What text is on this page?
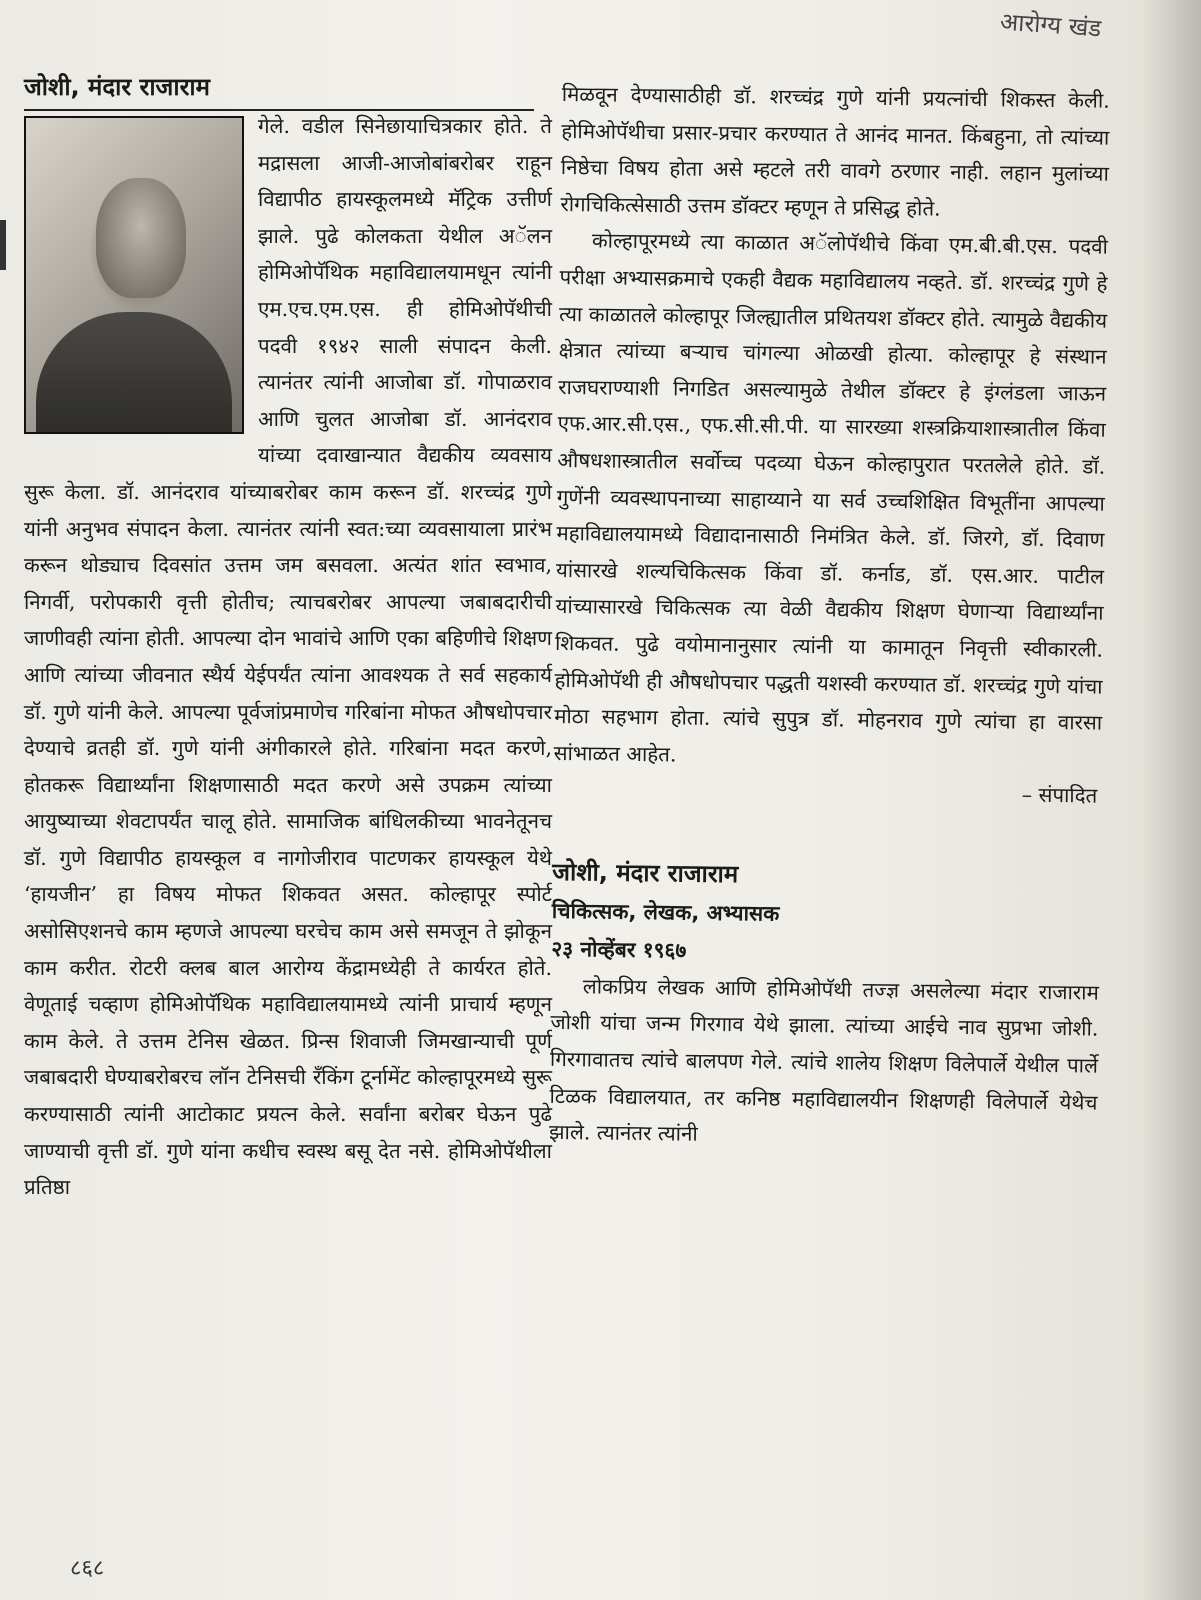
आरोग्य खंड
जोशी, मंदार राजाराम

गेले. वडील सिनेछायाचित्रकार होते. ते मद्रासला आजी-आजोबांबरोबर राहून विद्यापीठ हायस्कूलमध्ये मॅट्रिक उत्तीर्ण झाले. पुढे कोलकता येथील अॅलन होमिओपॅथिक महाविद्यालयामधून त्यांनी एम.एच.एम.एस. ही होमिओपॅथीची पदवी १९४२ साली संपादन केली. त्यानंतर त्यांनी आजोबा डॉ. गोपाळराव आणि चुलत आजोबा डॉ. आनंदराव यांच्या दवाखान्यात वैद्यकीय व्यवसाय सुरू केला. डॉ. आनंदराव यांच्याबरोबर काम करून डॉ. शरच्चंद्र गुणे यांनी अनुभव संपादन केला. त्यानंतर त्यांनी स्वत:च्या व्यवसायाला प्रारंभ करून थोड्याच दिवसांत उत्तम जम बसवला. अत्यंत शांत स्वभाव, निगर्वी, परोपकारी वृत्ती होतीच; त्याचबरोबर आपल्या जबाबदारीची जाणीवही त्यांना होती. आपल्या दोन भावांचे आणि एका बहिणीचे शिक्षण आणि त्यांच्या जीवनात स्थैर्य येईपर्यंत त्यांना आवश्यक ते सर्व सहकार्य डॉ. गुणे यांनी केले. आपल्या पूर्वजांप्रमाणेच गरिबांना मोफत औषधोपचार देण्याचे व्रतही डॉ. गुणे यांनी अंगीकारले होते. गरिबांना मदत करणे, होतकरू विद्यार्थ्यांना शिक्षणासाठी मदत करणे असे उपक्रम त्यांच्या आयुष्याच्या शेवटापर्यंत चालू होते. सामाजिक बांधिलकीच्या भावनेतूनच डॉ. गुणे विद्यापीठ हायस्कूल व नागोजीराव पाटणकर हायस्कूल येथे ‘हायजीन’ हा विषय मोफत शिकवत असत. कोल्हापूर स्पोर्ट असोसिएशनचे काम म्हणजे आपल्या घरचेच काम असे समजून ते झोकून काम करीत. रोटरी क्लब बाल आरोग्य केंद्रामध्येही ते कार्यरत होते. वेणूताई चव्हाण होमिओपॅथिक महाविद्यालयामध्ये त्यांनी प्राचार्य म्हणून काम केले. ते उत्तम टेनिस खेळत. प्रिन्स शिवाजी जिमखान्याची पूर्ण जबाबदारी घेण्याबरोबरच लॉन टेनिसची रँकिंग टूर्नामेंट कोल्हापूरमध्ये सुरू करण्यासाठी त्यांनी आटोकाट प्रयत्न केले. सर्वांना बरोबर घेऊन पुढे जाण्याची वृत्ती डॉ. गुणे यांना कधीच स्वस्थ बसू देत नसे. होमिओपॅथीला प्रतिष्ठा

मिळवून देण्यासाठीही डॉ. शरच्चंद्र गुणे यांनी प्रयत्नांची शिकस्त केली. होमिओपॅथीचा प्रसार-प्रचार करण्यात ते आनंद मानत. किंबहुना, तो त्यांच्या निष्ठेचा विषय होता असे म्हटले तरी वावगे ठरणार नाही. लहान मुलांच्या रोगचिकित्सेसाठी उत्तम डॉक्टर म्हणून ते प्रसिद्ध होते.

कोल्हापूरमध्ये त्या काळात अॅलोपॅथीचे किंवा एम.बी.बी.एस. पदवी परीक्षा अभ्यासक्रमाचे एकही वैद्यक महाविद्यालय नव्हते. डॉ. शरच्चंद्र गुणे हे त्या काळातले कोल्हापूर जिल्ह्यातील प्रथितयश डॉक्टर होते. त्यामुळे वैद्यकीय क्षेत्रात त्यांच्या बऱ्याच चांगल्या ओळखी होत्या. कोल्हापूर हे संस्थान राजघराण्याशी निगडित असल्यामुळे तेथील डॉक्टर हे इंग्लंडला जाऊन एफ.आर.सी.एस., एफ.सी.सी.पी. या सारख्या शस्त्रक्रियाशास्त्रातील किंवा औषधशास्त्रातील सर्वोच्च पदव्या घेऊन कोल्हापुरात परतलेले होते. डॉ. गुणेंनी व्यवस्थापनाच्या साहाय्याने या सर्व उच्चशिक्षित विभूतींना आपल्या महाविद्यालयामध्ये विद्यादानासाठी निमंत्रित केले. डॉ. जिरगे, डॉ. दिवाण यांसारखे शल्यचिकित्सक किंवा डॉ. कर्नाड, डॉ. एस.आर. पाटील यांच्यासारखे चिकित्सक त्या वेळी वैद्यकीय शिक्षण घेणाऱ्या विद्यार्थ्यांना शिकवत. पुढे वयोमानानुसार त्यांनी या कामातून निवृत्ती स्वीकारली. होमिओपॅथी ही औषधोपचार पद्धती यशस्वी करण्यात डॉ. शरच्चंद्र गुणे यांचा मोठा सहभाग होता. त्यांचे सुपुत्र डॉ. मोहनराव गुणे त्यांचा हा वारसा सांभाळत आहेत.

– संपादित

जोशी, मंदार राजाराम
चिकित्सक, लेखक, अभ्यासक
२३ नोव्हेंबर १९६७

लोकप्रिय लेखक आणि होमिओपॅथी तज्ज्ञ असलेल्या मंदार राजाराम जोशी यांचा जन्म गिरगाव येथे झाला. त्यांच्या आईचे नाव सुप्रभा जोशी. गिरगावातच त्यांचे बालपण गेले. त्यांचे शालेय शिक्षण विलेपार्ले येथील पार्ले टिळक विद्यालयात, तर कनिष्ठ महाविद्यालयीन शिक्षणही विलेपार्ले येथेच झाले. त्यानंतर त्यांनी

८६८
